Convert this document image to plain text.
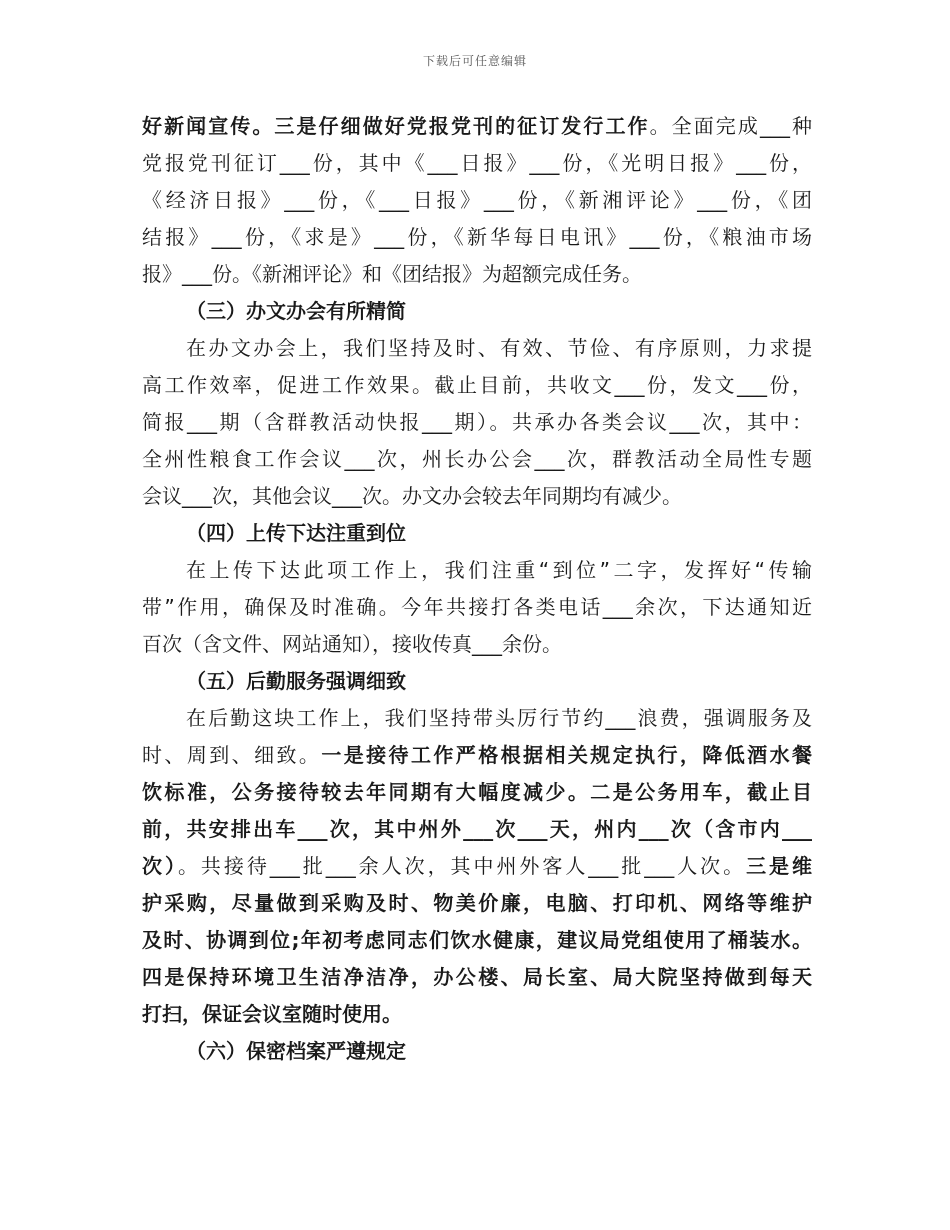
下载后可任意编辑
好新闻宣传。三是仔细做好党报党刊的征订发行工作。全面完成___种
党报党刊征订___份，其中《___日报》___份，《光明日报》___份，
《经济日报》___份，《___日报》___份，《新湘评论》___份，《团
结报》___份，《求是》___份，《新华每日电讯》___份，《粮油市场
报》___份。《新湘评论》和《团结报》为超额完成任务。
（三）办文办会有所精简
在办文办会上，我们坚持及时、有效、节俭、有序原则，力求提
高工作效率，促进工作效果。截止目前，共收文___份，发文___份，
简报___期（含群教活动快报___期）。共承办各类会议___次，其中：
全州性粮食工作会议___次，州长办公会___次，群教活动全局性专题
会议___次，其他会议___次。办文办会较去年同期均有减少。
（四）上传下达注重到位
在上传下达此项工作上，我们注重“到位”二字，发挥好“传输
带”作用，确保及时准确。今年共接打各类电话___余次，下达通知近
百次（含文件、网站通知），接收传真___余份。
（五）后勤服务强调细致
在后勤这块工作上，我们坚持带头厉行节约___浪费，强调服务及
时、周到、细致。一是接待工作严格根据相关规定执行，降低酒水餐
饮标准，公务接待较去年同期有大幅度减少。二是公务用车，截止目
前，共安排出车___次，其中州外___次___天，州内___次（含市内___
次）。共接待___批___余人次，其中州外客人___批___人次。三是维
护采购，尽量做到采购及时、物美价廉，电脑、打印机、网络等维护
及时、协调到位;年初考虑同志们饮水健康，建议局党组使用了桶装水。
四是保持环境卫生洁净洁净，办公楼、局长室、局大院坚持做到每天
打扫，保证会议室随时使用。
（六）保密档案严遵规定
